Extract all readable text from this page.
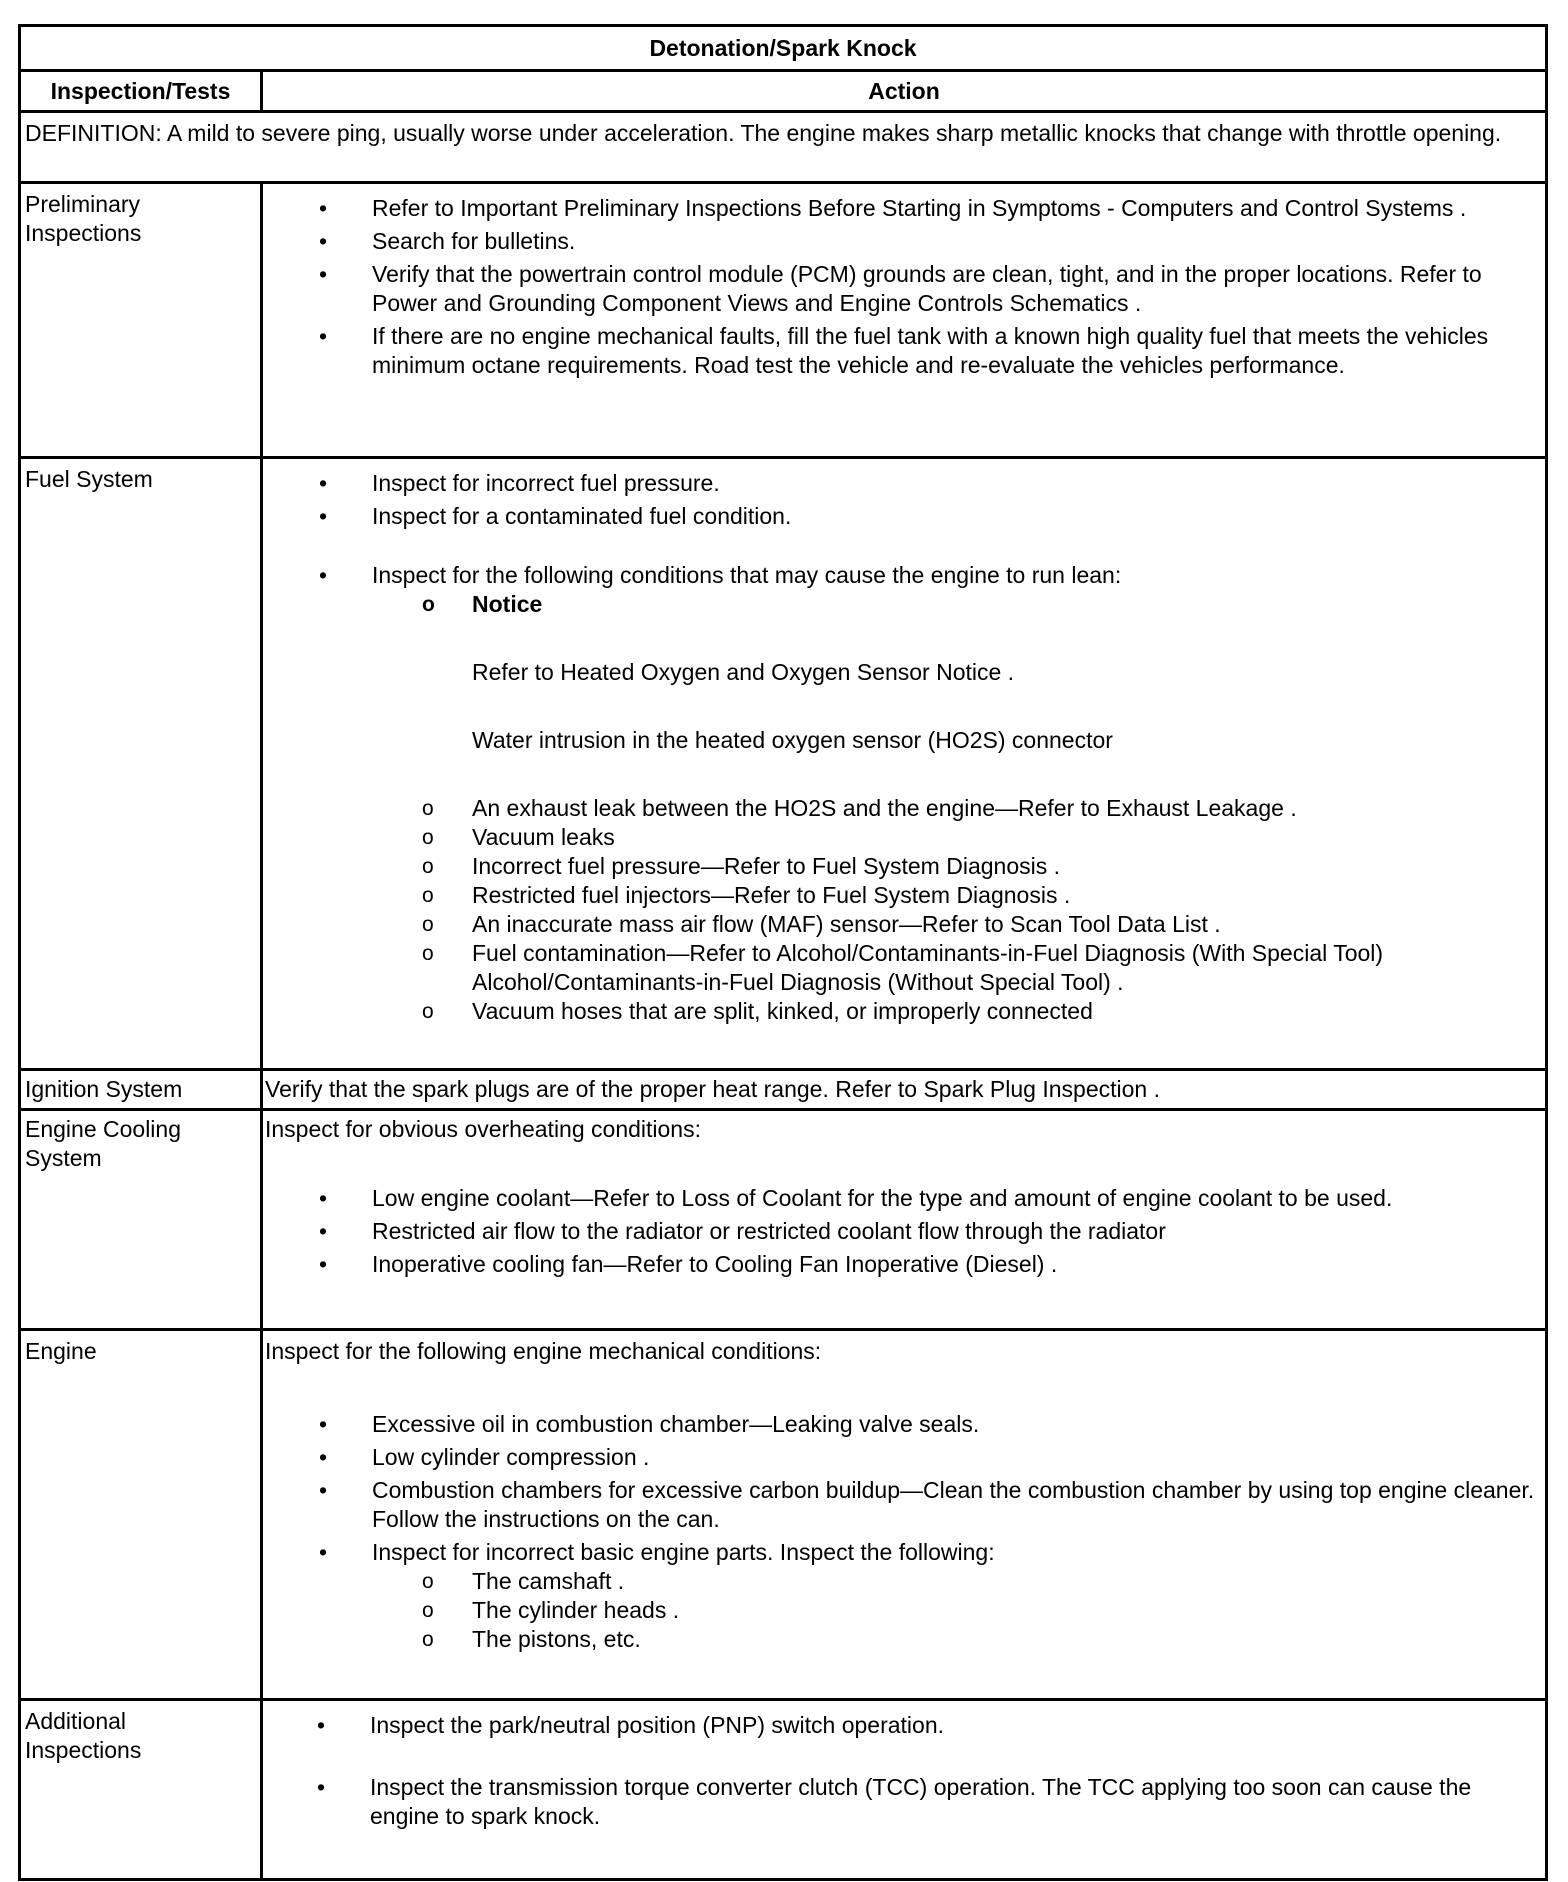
Detonation/Spark Knock
Inspection/Tests	Action
DEFINITION: A mild to severe ping, usually worse under acceleration. The engine makes sharp metallic knocks that change with throttle opening.
Preliminary Inspections
• Refer to Important Preliminary Inspections Before Starting in Symptoms - Computers and Control Systems .
• Search for bulletins.
• Verify that the powertrain control module (PCM) grounds are clean, tight, and in the proper locations. Refer to Power and Grounding Component Views and Engine Controls Schematics .
• If there are no engine mechanical faults, fill the fuel tank with a known high quality fuel that meets the vehicles minimum octane requirements. Road test the vehicle and re-evaluate the vehicles performance.
Fuel System
•	Inspect for incorrect fuel pressure.
• Inspect for a contaminated fuel condition.
• Inspect for the following conditions that may cause the engine to run lean:
o Notice
Refer to Heated Oxygen and Oxygen Sensor Notice .
Water intrusion in the heated oxygen sensor (HO2S) connector
o An exhaust leak between the HO2S and the engine—Refer to Exhaust Leakage .
o Vacuum leaks
o Incorrect fuel pressure—Refer to Fuel System Diagnosis .
o Restricted fuel injectors—Refer to Fuel System Diagnosis .
o An inaccurate mass air flow (MAF) sensor—Refer to Scan Tool Data List .
o Fuel contamination—Refer to Alcohol/Contaminants-in-Fuel Diagnosis (With Special Tool) Alcohol/Contaminants-in-Fuel Diagnosis (Without Special Tool) .
o Vacuum hoses that are split, kinked, or improperly connected
Ignition System	Verify that the spark plugs are of the proper heat range. Refer to Spark Plug Inspection .
Engine Cooling System
Inspect for obvious overheating conditions:
• Low engine coolant—Refer to Loss of Coolant for the type and amount of engine coolant to be used.
• Restricted air flow to the radiator or restricted coolant flow through the radiator
• Inoperative cooling fan—Refer to Cooling Fan Inoperative (Diesel) .
Engine	Inspect for the following engine mechanical conditions:
• Excessive oil in combustion chamber—Leaking valve seals.
• Low cylinder compression .
• Combustion chambers for excessive carbon buildup—Clean the combustion chamber by using top engine cleaner. Follow the instructions on the can.
• Inspect for incorrect basic engine parts. Inspect the following:
o The camshaft .
o The cylinder heads .
o The pistons, etc.
Additional Inspections
• Inspect the park/neutral position (PNP) switch operation.
• Inspect the transmission torque converter clutch (TCC) operation. The TCC applying too soon can cause the engine to spark knock.
